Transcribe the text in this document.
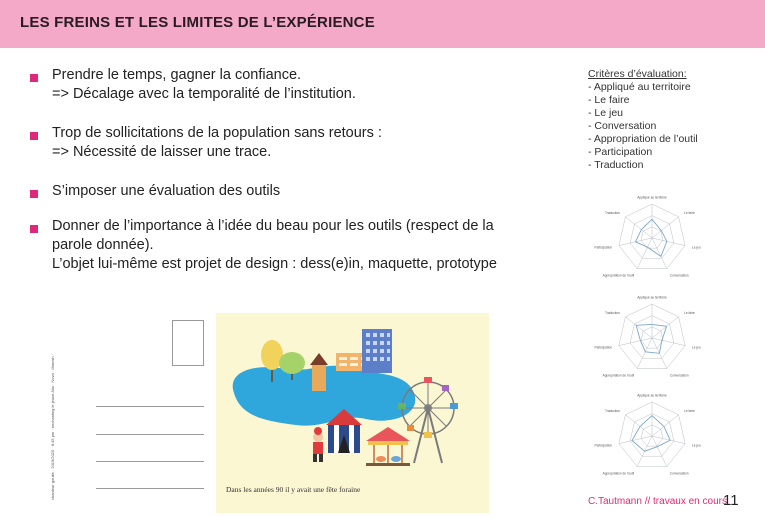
LES FREINS ET LES LIMITES DE L’EXPÉRIENCE
Prendre le temps, gagner la confiance.
=> Décalage avec la temporalité de l’institution.
Trop de sollicitations de la population sans retours :
=> Nécessité de laisser une trace.
S’imposer une évaluation des outils
Donner de l’importance à l’idée du beau pour les outils (respect de la
parole donnée).
L’objet lui-même est projet de design : dess(e)in, maquette, prototype
Critères d’évaluation:
- Appliqué au territoire
- Le faire
- Le jeu
- Conversation
- Appropriation de l’outil
- Participation
- Traduction
Appliqué au territoire
Le faire
Le jeu
Conversation
Appropriation de l’outil
Participation
Traduction
Appliqué au territoire
Le faire
Le jeu
Conversation
Appropriation de l’outil
Participation
Traduction
Appliqué au territoire
Le faire
Le jeu
Conversation
Appropriation de l’outil
Participation
Traduction
chanteur·goulte · 2019/2020 · 8:45 pm · enchanting le jeune Alix · Nova · Marosh ·	Dans les années 90 il y avait une fête foraine
C.Tautmann // travaux en cours
11
